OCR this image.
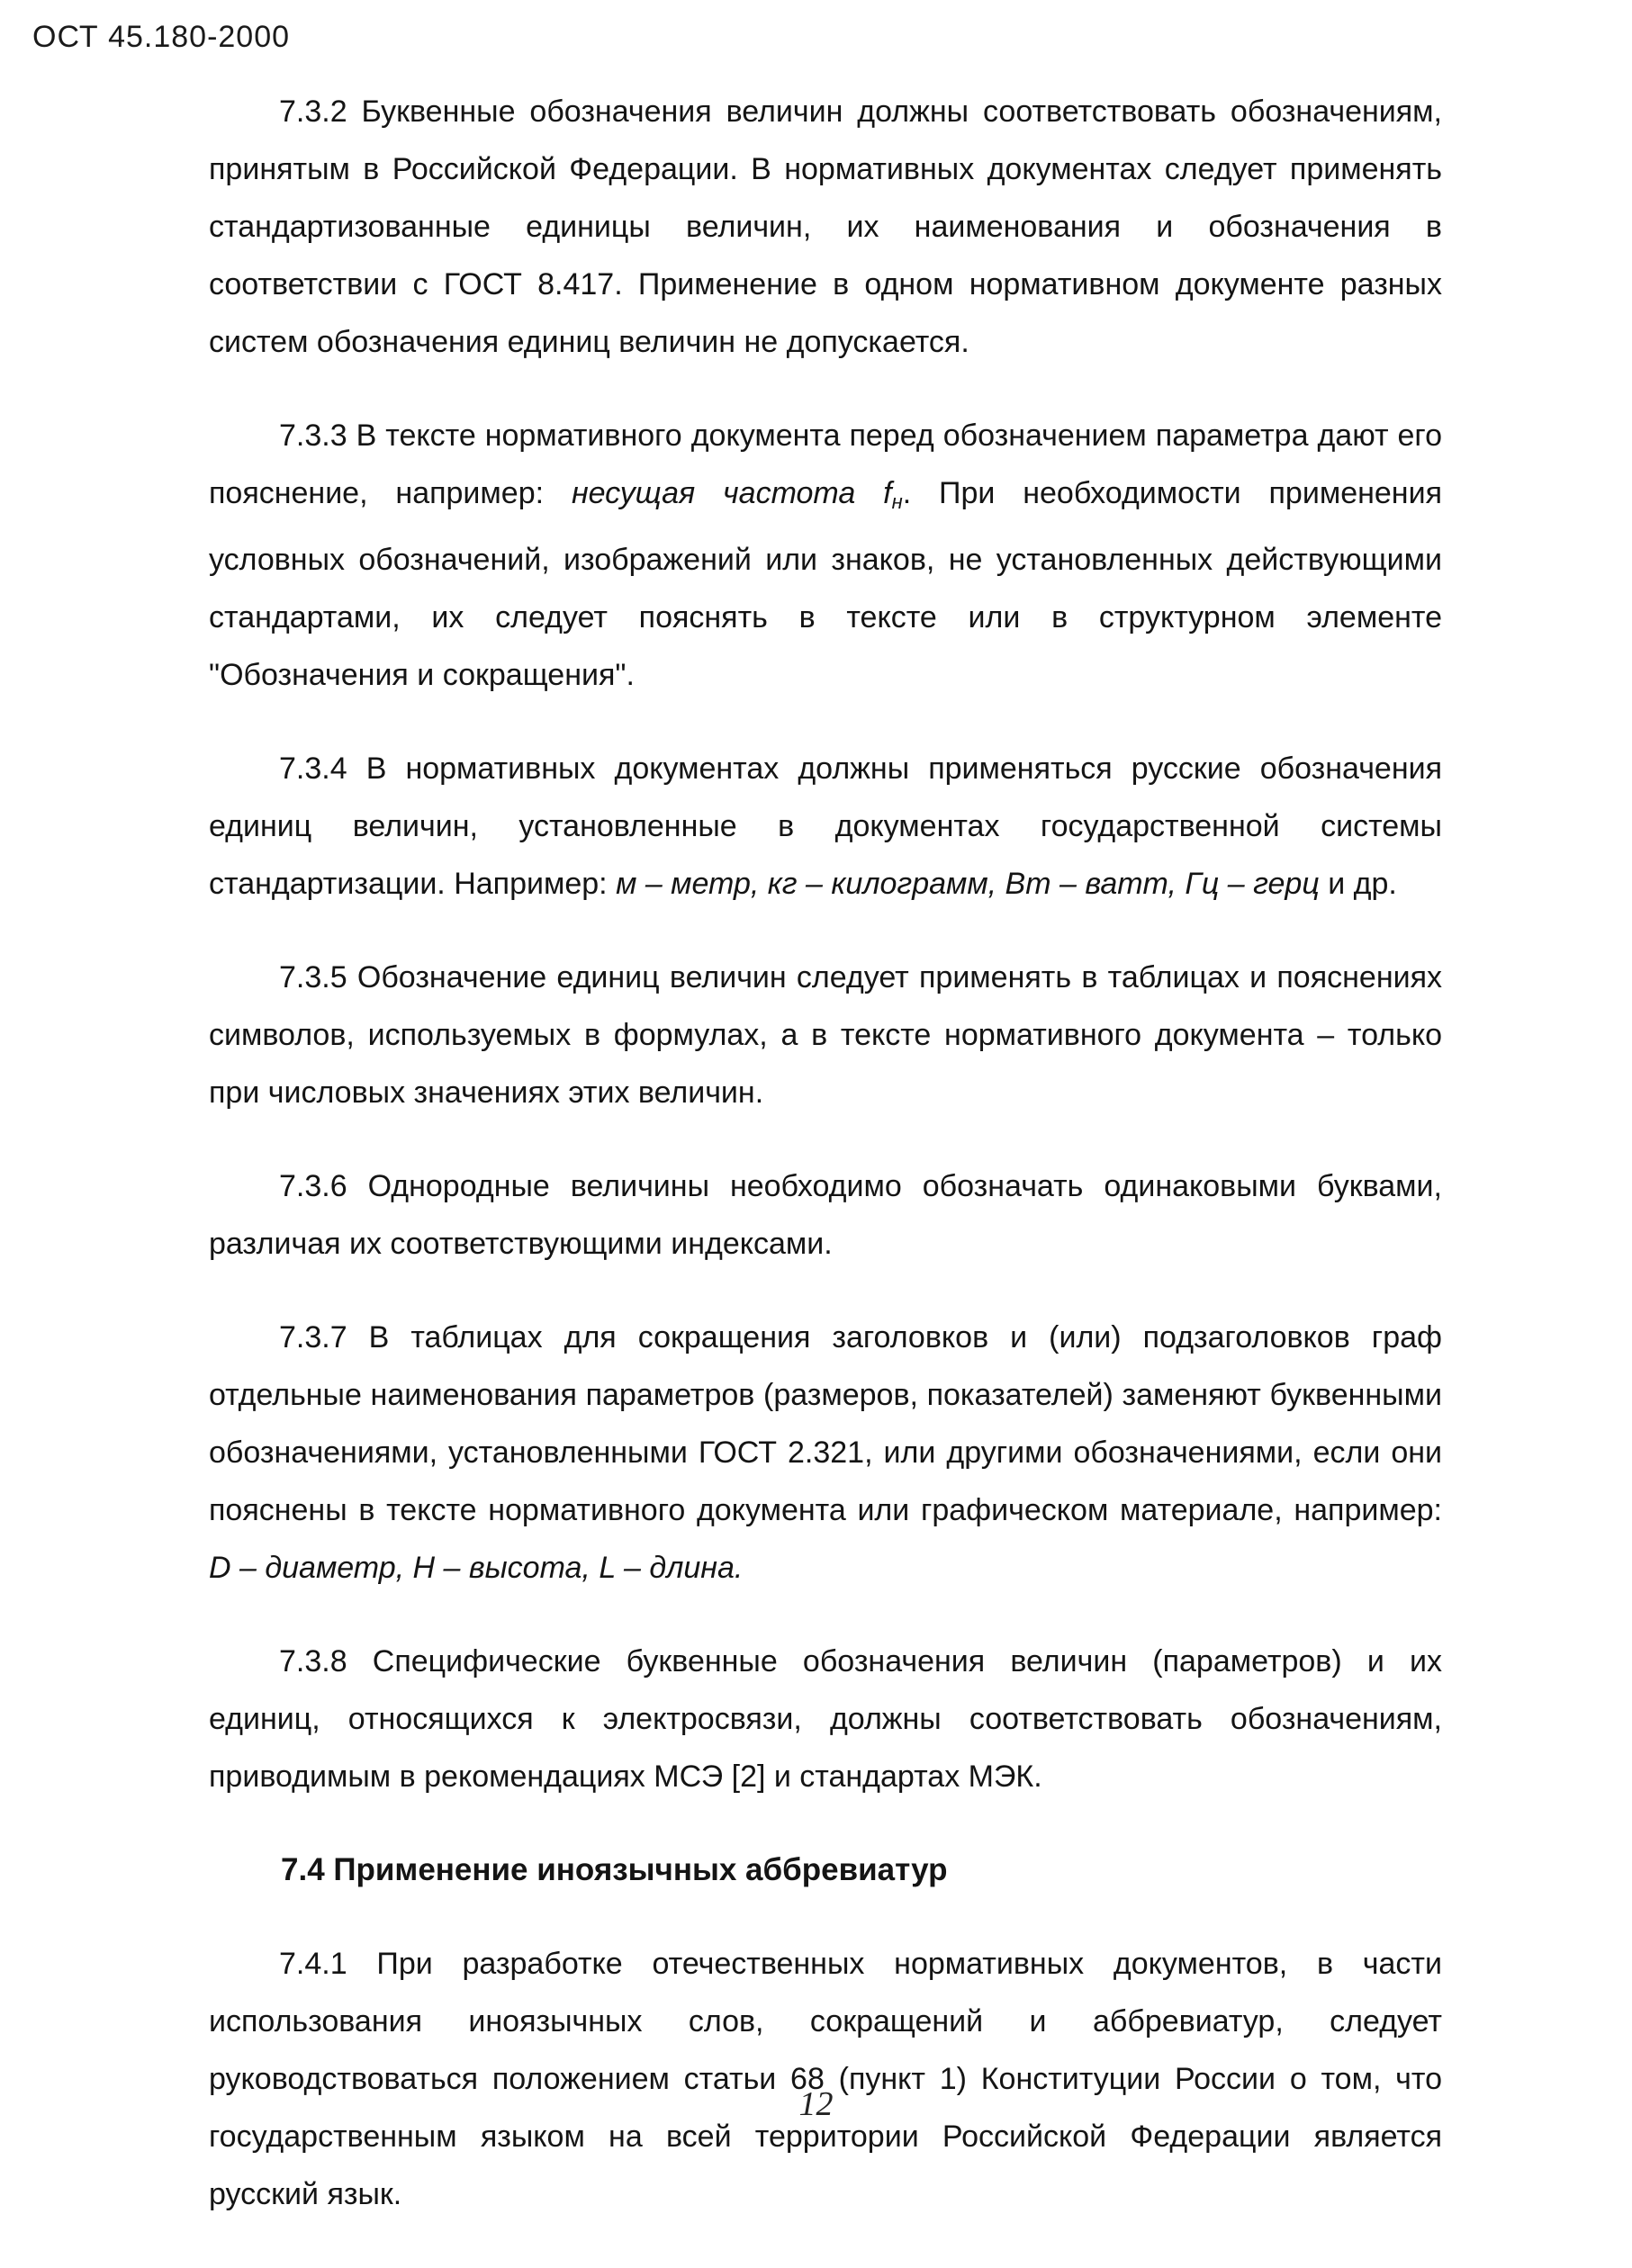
ОСТ 45.180-2000

7.3.2 Буквенные обозначения величин должны соответствовать обозначениям, принятым в Российской Федерации. В нормативных документах следует применять стандартизованные единицы величин, их наименования и обозначения в соответствии с ГОСТ 8.417. Применение в одном нормативном документе разных систем обозначения единиц величин не допускается.

7.3.3 В тексте нормативного документа перед обозначением параметра дают его пояснение, например: несущая частота $f_н$. При необходимости применения условных обозначений, изображений или знаков, не установленных действующими стандартами, их следует пояснять в тексте или в структурном элементе "Обозначения и сокращения".

7.3.4 В нормативных документах должны применяться русские обозначения единиц величин, установленные в документах государственной системы стандартизации. Например: м – метр, кг – килограмм, Вт – ватт, Гц – герц и др.

7.3.5 Обозначение единиц величин следует применять в таблицах и пояснениях символов, используемых в формулах, а в тексте нормативного документа – только при числовых значениях этих величин.

7.3.6 Однородные величины необходимо обозначать одинаковыми буквами, различая их соответствующими индексами.

7.3.7 В таблицах для сокращения заголовков и (или) подзаголовков граф отдельные наименования параметров (размеров, показателей) заменяют буквенными обозначениями, установленными ГОСТ 2.321, или другими обозначениями, если они пояснены в тексте нормативного документа или графическом материале, например: D – диаметр, H – высота, L – длина.

7.3.8 Специфические буквенные обозначения величин (параметров) и их единиц, относящихся к электросвязи, должны соответствовать обозначениям, приводимым в рекомендациях МСЭ [2] и стандартах МЭК.

7.4 Применение иноязычных аббревиатур

7.4.1 При разработке отечественных нормативных документов, в части использования иноязычных слов, сокращений и аббревиатур, следует руководствоваться положением статьи 68 (пункт 1) Конституции России о том, что государственным языком на всей территории Российской Федерации является русский язык.

12
